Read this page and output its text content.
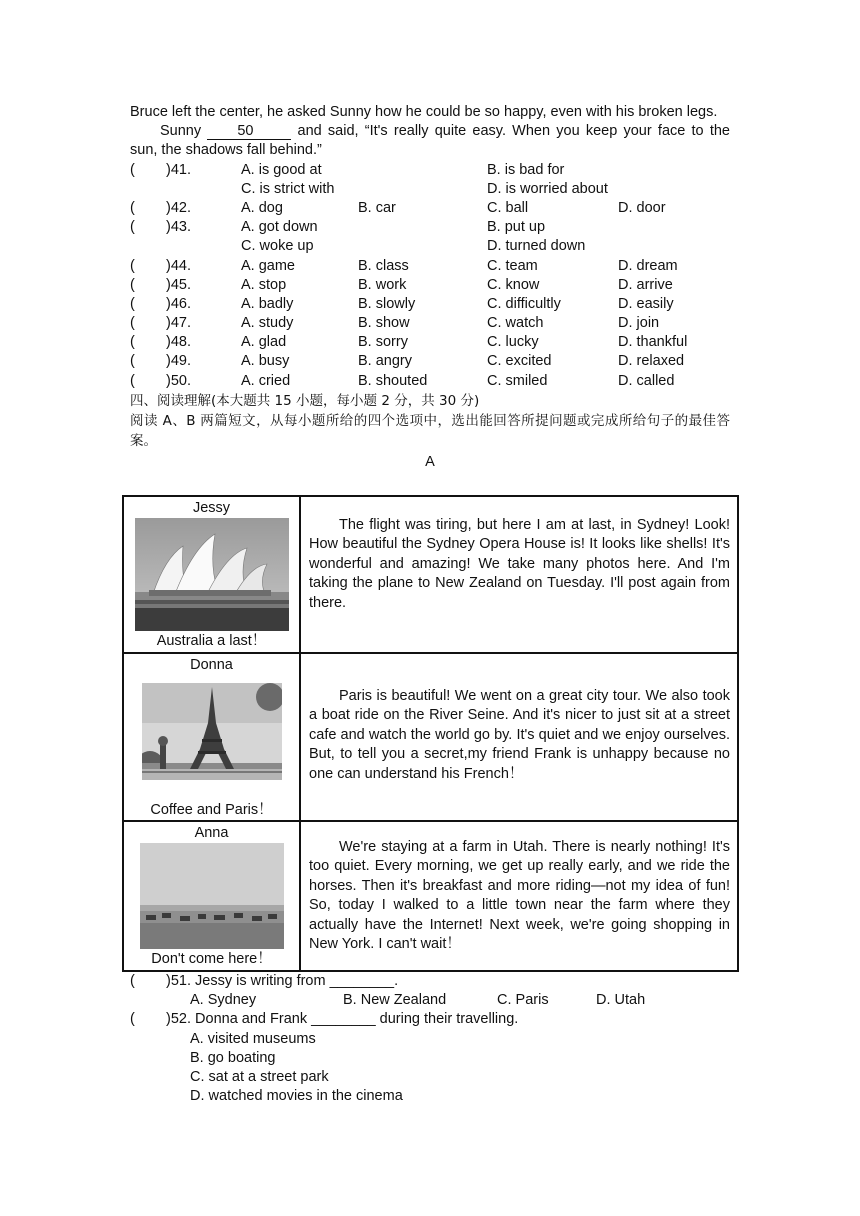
Bruce left the center, he asked Sunny how he could be so happy, even with his broken legs.

Sunny 50	and said, “It's really quite easy. When you keep your face to the sun, the shadows fall behind.”

( )41.	A. is good at	B. is bad for
C. is strict with	D. is worried about
( )42.	A. dog	B. car	C. ball	D. door
( )43.	A. got down	B. put up
C. woke up	D. turned down
( )44.	A. game	B. class	C. team	D. dream
( )45.	A. stop	B. work	C. know	D. arrive
( )46.	A. badly	B. slowly	C. difficultly	D. easily
( )47.	A. study	B. show	C. watch	D. join
( )48.	A. glad	B. sorry	C. lucky	D. thankful
( )49.	A. busy	B. angry	C. excited	D. relaxed
( )50.	A. cried	B. shouted	C. smiled	D. called

四、阅读理解(本大题共 15 小题，每小题 2 分，共 30 分)

阅读 A、B 两篇短文，从每小题所给的四个选项中，选出能回答所提问题或完成所给句子的最佳答案。

A

Jessy
Australia a last！	The flight was tiring, but here I am at last, in Sydney! Look! How beautiful the Sydney Opera House is! It looks like shells! It's wonderful and amazing! We take many photos here. And I'm taking the plane to New Zealand on Tuesday. I'll post again from there.

Donna
Coffee and Paris！	Paris is beautiful! We went on a great city tour. We also took a boat ride on the River Seine. And it's nicer to just sit at a street cafe and watch the world go by. It's quiet and we enjoy ourselves. But, to tell you a secret,my friend Frank is unhappy because no one can understand his French！

Anna
Don't come here！	We're staying at a farm in Utah. There is nearly nothing! It's too quiet. Every morning, we get up really early, and we ride the horses. Then it's breakfast and more riding—not my idea of fun! So, today I walked to a little town near the farm where they actually have the Internet! Next week, we're going shopping in New York. I can't wait！
( )51. Jessy is writing from ________.
A. Sydney	B. New Zealand	C. Paris	D. Utah
( )52. Donna and Frank ________ during their travelling.
A. visited museums
B. go boating
C. sat at a street park
D. watched movies in the cinema
